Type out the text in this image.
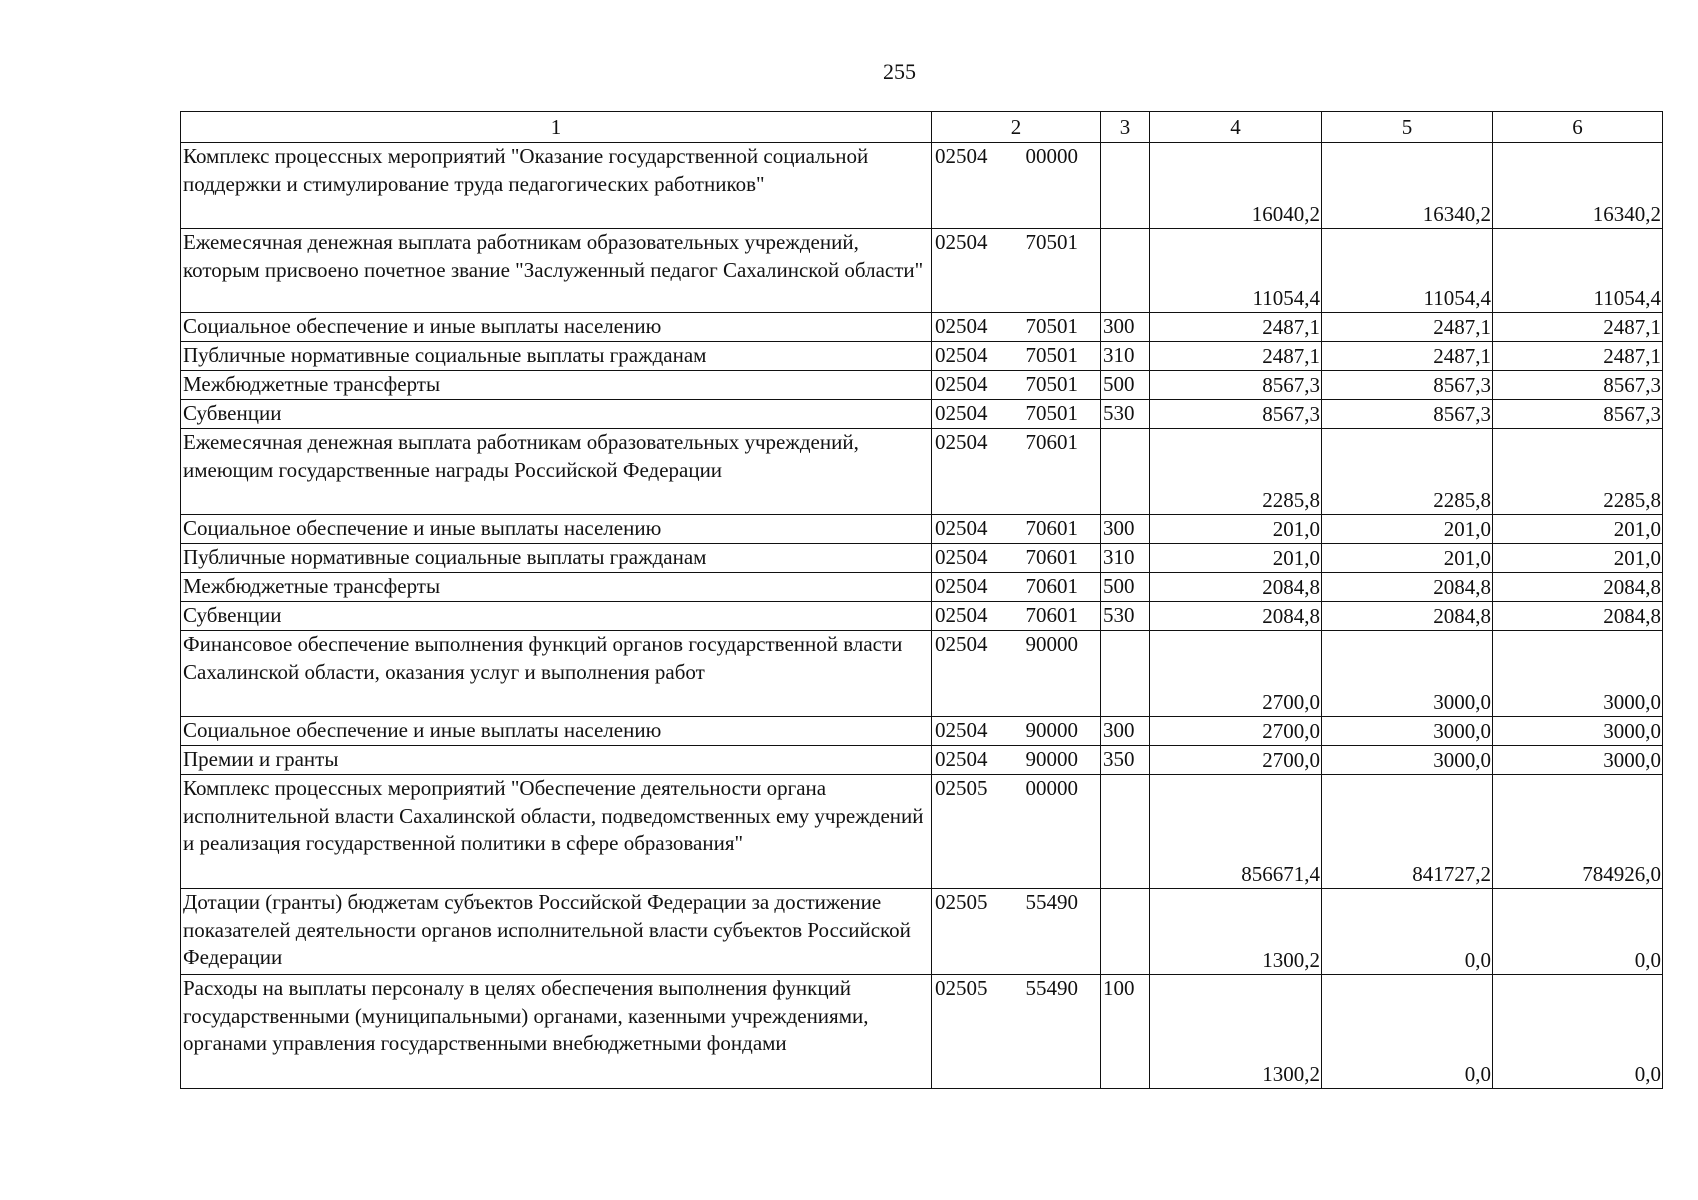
255
1	2		3	4	5	6
Комплекс процессных мероприятий "Оказание государственной социальной поддержки и стимулирование труда педагогических работников"	02504	00000		16040,2	16340,2	16340,2
Ежемесячная денежная выплата работникам образовательных учреждений, которым присвоено почетное звание "Заслуженный педагог Сахалинской области"	02504	70501		11054,4	11054,4	11054,4
Социальное обеспечение и иные выплаты населению	02504	70501	300	2487,1	2487,1	2487,1
Публичные нормативные социальные выплаты гражданам	02504	70501	310	2487,1	2487,1	2487,1
Межбюджетные трансферты	02504	70501	500	8567,3	8567,3	8567,3
Субвенции	02504	70501	530	8567,3	8567,3	8567,3
Ежемесячная денежная выплата работникам образовательных учреждений, имеющим государственные награды Российской Федерации	02504	70601		2285,8	2285,8	2285,8
Социальное обеспечение и иные выплаты населению	02504	70601	300	201,0	201,0	201,0
Публичные нормативные социальные выплаты гражданам	02504	70601	310	201,0	201,0	201,0
Межбюджетные трансферты	02504	70601	500	2084,8	2084,8	2084,8
Субвенции	02504	70601	530	2084,8	2084,8	2084,8
Финансовое обеспечение выполнения функций органов государственной власти Сахалинской области, оказания услуг и выполнения работ	02504	90000		2700,0	3000,0	3000,0
Социальное обеспечение и иные выплаты населению	02504	90000	300	2700,0	3000,0	3000,0
Премии и гранты	02504	90000	350	2700,0	3000,0	3000,0
Комплекс процессных мероприятий "Обеспечение деятельности органа исполнительной власти Сахалинской области, подведомственных ему учреждений и реализация государственной политики в сфере образования"	02505	00000		856671,4	841727,2	784926,0
Дотации (гранты) бюджетам субъектов Российской Федерации за достижение показателей деятельности органов исполнительной власти субъектов Российской Федерации	02505	55490		1300,2	0,0	0,0
Расходы на выплаты персоналу в целях обеспечения выполнения функций государственными (муниципальными) органами, казенными учреждениями, органами управления государственными внебюджетными фондами	02505	55490	100	1300,2	0,0	0,0
